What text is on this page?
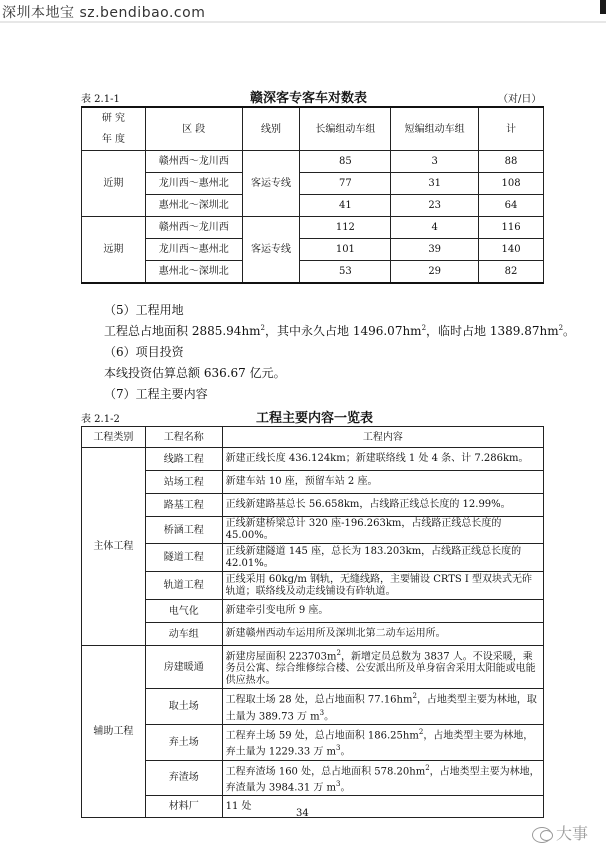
深圳本地宝 sz.bendibao.com
表 2.1-1	赣深客专客车对数表	（对/日）
研 究
年 度	区 段	线别	长编组动车组	短编组动车组	计
近期	赣州西～龙川西	客运专线	85	3	88
	龙川西～惠州北		77	31	108
	惠州北～深圳北		41	23	64
远期	赣州西～龙川西	客运专线	112	4	116
	龙川西～惠州北		101	39	140
	惠州北～深圳北		53	29	82
（5）工程用地
工程总占地面积 $2885.94hm^2$，其中永久占地 $1496.07hm^2$，临时占地 $1389.87hm^2$。
（6）项目投资
本线投资估算总额 636.67 亿元。
（7）工程主要内容
表 2.1-2	工程主要内容一览表
工程类别	工程名称	工程内容
主体工程	线路工程	新建正线长度 436.124km；新建联络线 1 处 4 条、计 7.286km。
	站场工程	新建车站 10 座，预留车站 2 座。
	路基工程	正线新建路基总长 56.658km，占线路正线总长度的 12.99%。
	桥涵工程	正线新建桥梁总计 320 座-196.263km，占线路正线总长度的 45.00%。
	隧道工程	正线新建隧道 145 座，总长为 183.203km，占线路正线总长度的 42.01%。
	轨道工程	正线采用 60kg/m 钢轨，无缝线路，主要铺设 CRTS I 型双块式无砟轨道；联络线及动走线铺设有砟轨道。
	电气化	新建牵引变电所 9 座。
	动车组	新建赣州西动车运用所及深圳北第二动车运用所。
辅助工程	房建暖通	新建房屋面积 $223703m^2$，新增定员总数为 3837 人。不设采暖，乘务员公寓、综合维修综合楼、公安派出所及单身宿舍采用太阳能或电能供应热水。
	取土场	工程取土场 28 处，总占地面积 $77.16hm^2$，占地类型主要为林地，取土量为 389.73 万 $m^3$。
	弃土场	工程弃土场 59 处，总占地面积 $186.25hm^2$，占地类型主要为林地，弃土量为 1229.33 万 $m^3$。
	弃渣场	工程弃渣场 160 处，总占地面积 $578.20hm^2$，占地类型主要为林地，弃渣量为 3984.31 万 $m^3$。
	材料厂	11 处
34
大事
